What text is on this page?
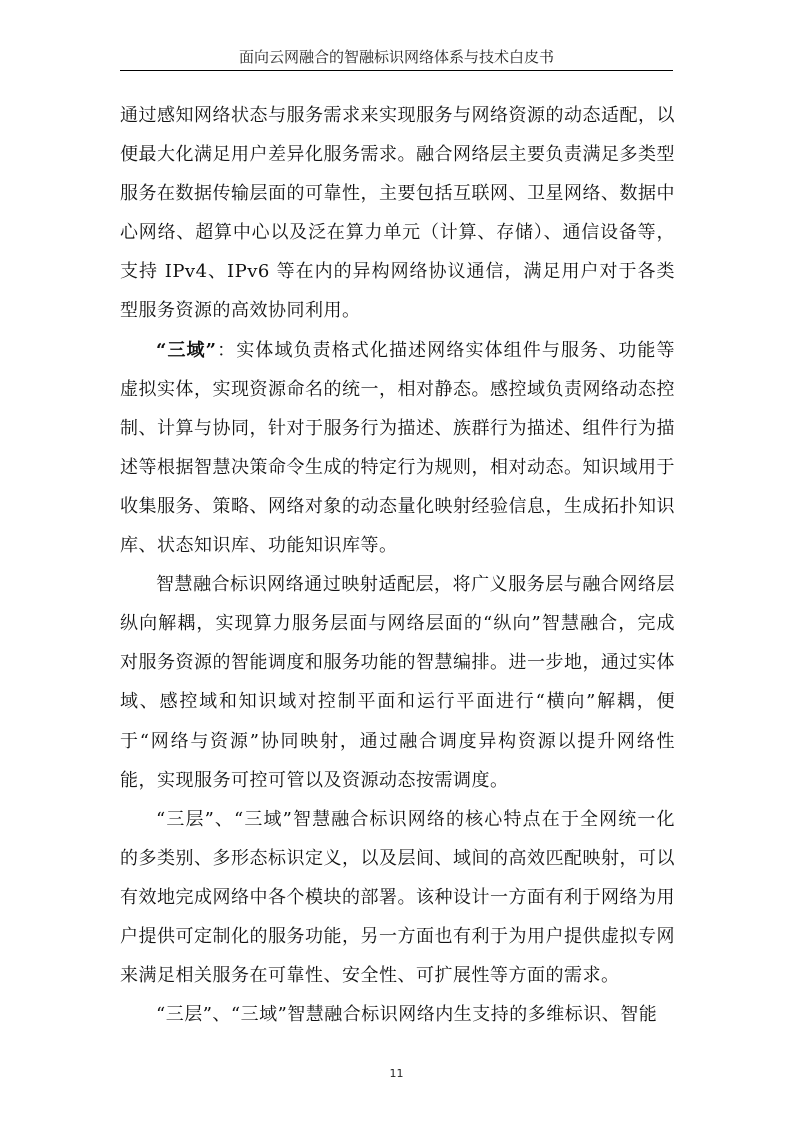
面向云网融合的智融标识网络体系与技术白皮书

通过感知网络状态与服务需求来实现服务与网络资源的动态适配，以便最大化满足用户差异化服务需求。融合网络层主要负责满足多类型服务在数据传输层面的可靠性，主要包括互联网、卫星网络、数据中心网络、超算中心以及泛在算力单元（计算、存储）、通信设备等，支持 IPv4、IPv6 等在内的异构网络协议通信，满足用户对于各类型服务资源的高效协同利用。

“三域”：实体域负责格式化描述网络实体组件与服务、功能等虚拟实体，实现资源命名的统一，相对静态。感控域负责网络动态控制、计算与协同，针对于服务行为描述、族群行为描述、组件行为描述等根据智慧决策命令生成的特定行为规则，相对动态。知识域用于收集服务、策略、网络对象的动态量化映射经验信息，生成拓扑知识库、状态知识库、功能知识库等。

智慧融合标识网络通过映射适配层，将广义服务层与融合网络层纵向解耦，实现算力服务层面与网络层面的“纵向”智慧融合，完成对服务资源的智能调度和服务功能的智慧编排。进一步地，通过实体域、感控域和知识域对控制平面和运行平面进行“横向”解耦，便于“网络与资源”协同映射，通过融合调度异构资源以提升网络性能，实现服务可控可管以及资源动态按需调度。

“三层”、“三域”智慧融合标识网络的核心特点在于全网统一化的多类别、多形态标识定义，以及层间、域间的高效匹配映射，可以有效地完成网络中各个模块的部署。该种设计一方面有利于网络为用户提供可定制化的服务功能，另一方面也有利于为用户提供虚拟专网来满足相关服务在可靠性、安全性、可扩展性等方面的需求。

“三层”、“三域”智慧融合标识网络内生支持的多维标识、智能

11
